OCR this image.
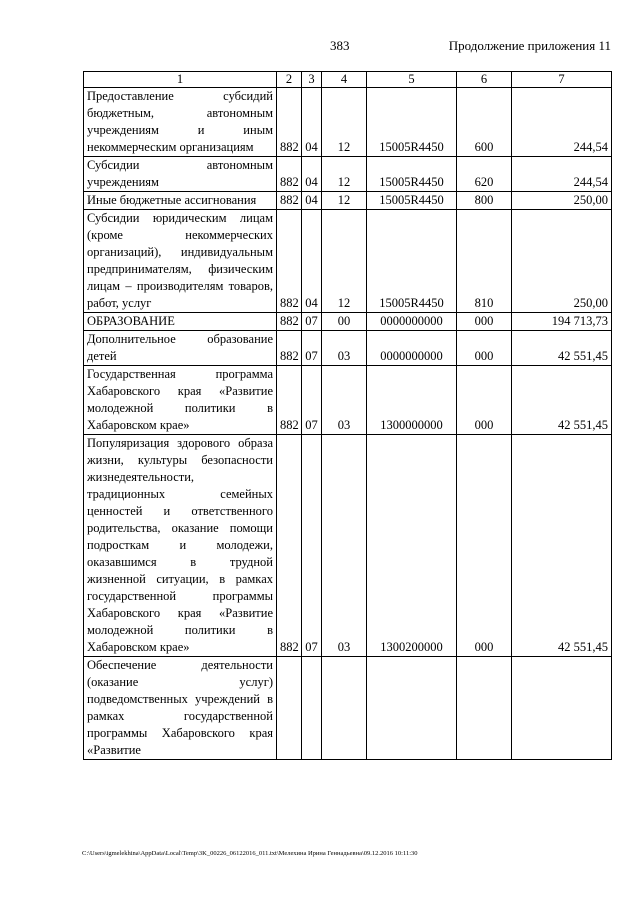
383	Продолжение приложения 11
1	2	3	4	5	6	7
Предоставление субсидий бюджетным, автономным учреждениям и иным некоммерческим организациям	882	04	12	15005R4450	600	244,54
Субсидии автономным учреждениям	882	04	12	15005R4450	620	244,54
Иные бюджетные ассигнования	882	04	12	15005R4450	800	250,00
Субсидии юридическим лицам (кроме некоммерческих организаций), индивидуальным предпринимателям, физическим лицам – производителям товаров, работ, услуг	882	04	12	15005R4450	810	250,00
ОБРАЗОВАНИЕ	882	07	00	0000000000	000	194 713,73
Дополнительное образование детей	882	07	03	0000000000	000	42 551,45
Государственная программа Хабаровского края «Развитие молодежной политики в Хабаровском крае»	882	07	03	1300000000	000	42 551,45
Популяризация здорового образа жизни, культуры безопасности жизнедеятельности, традиционных семейных ценностей и ответственного родительства, оказание помощи подросткам и молодежи, оказавшимся в трудной жизненной ситуации, в рамках государственной программы Хабаровского края «Развитие молодежной политики в Хабаровском крае»	882	07	03	1300200000	000	42 551,45
Обеспечение деятельности (оказание услуг) подведомственных учреждений в рамках государственной программы Хабаровского края «Развитие						
C:\Users\igmelekhina\AppData\Local\Temp\3K_00226_06122016_011.txt\Мелехина Ирина Геннадьевна\09.12.2016 10:11:30
